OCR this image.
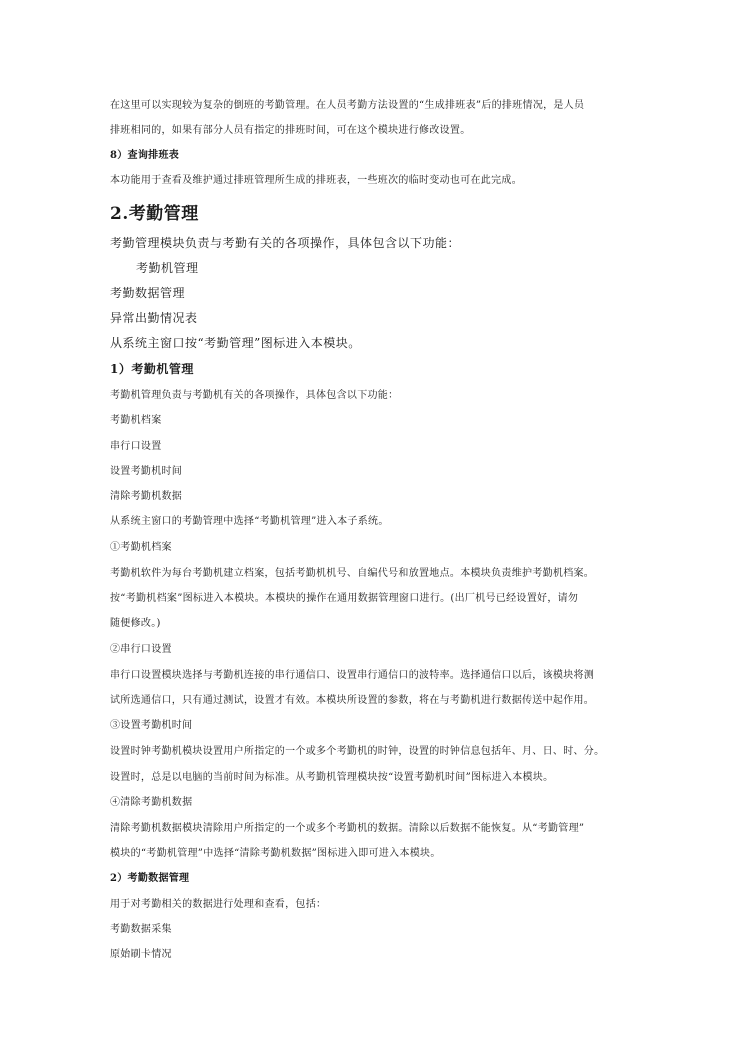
在这里可以实现较为复杂的倒班的考勤管理。在人员考勤方法设置的“生成排班表”后的排班情况，是人员
排班相同的，如果有部分人员有指定的排班时间，可在这个模块进行修改设置。
8）查询排班表
本功能用于查看及维护通过排班管理所生成的排班表，一些班次的临时变动也可在此完成。
2.考勤管理
考勤管理模块负责与考勤有关的各项操作，具体包含以下功能：
考勤机管理
考勤数据管理
异常出勤情况表
从系统主窗口按“考勤管理”图标进入本模块。
1）考勤机管理
考勤机管理负责与考勤机有关的各项操作，具体包含以下功能：
考勤机档案
串行口设置
设置考勤机时间
清除考勤机数据
从系统主窗口的考勤管理中选择“考勤机管理”进入本子系统。
①考勤机档案
考勤机软件为每台考勤机建立档案，包括考勤机机号、自编代号和放置地点。本模块负责维护考勤机档案。
按“考勤机档案”图标进入本模块。本模块的操作在通用数据管理窗口进行。(出厂机号已经设置好，请勿
随便修改。)
②串行口设置
串行口设置模块选择与考勤机连接的串行通信口、设置串行通信口的波特率。选择通信口以后，该模块将测
试所选通信口，只有通过测试，设置才有效。本模块所设置的参数，将在与考勤机进行数据传送中起作用。
③设置考勤机时间
设置时钟考勤机模块设置用户所指定的一个或多个考勤机的时钟，设置的时钟信息包括年、月、日、时、分。
设置时，总是以电脑的当前时间为标准。从考勤机管理模块按“设置考勤机时间”图标进入本模块。
④清除考勤机数据
清除考勤机数据模块清除用户所指定的一个或多个考勤机的数据。清除以后数据不能恢复。从“考勤管理”
模块的“考勤机管理”中选择“清除考勤机数据”图标进入即可进入本模块。
2）考勤数据管理
用于对考勤相关的数据进行处理和查看，包括：
考勤数据采集
原始刷卡情况
